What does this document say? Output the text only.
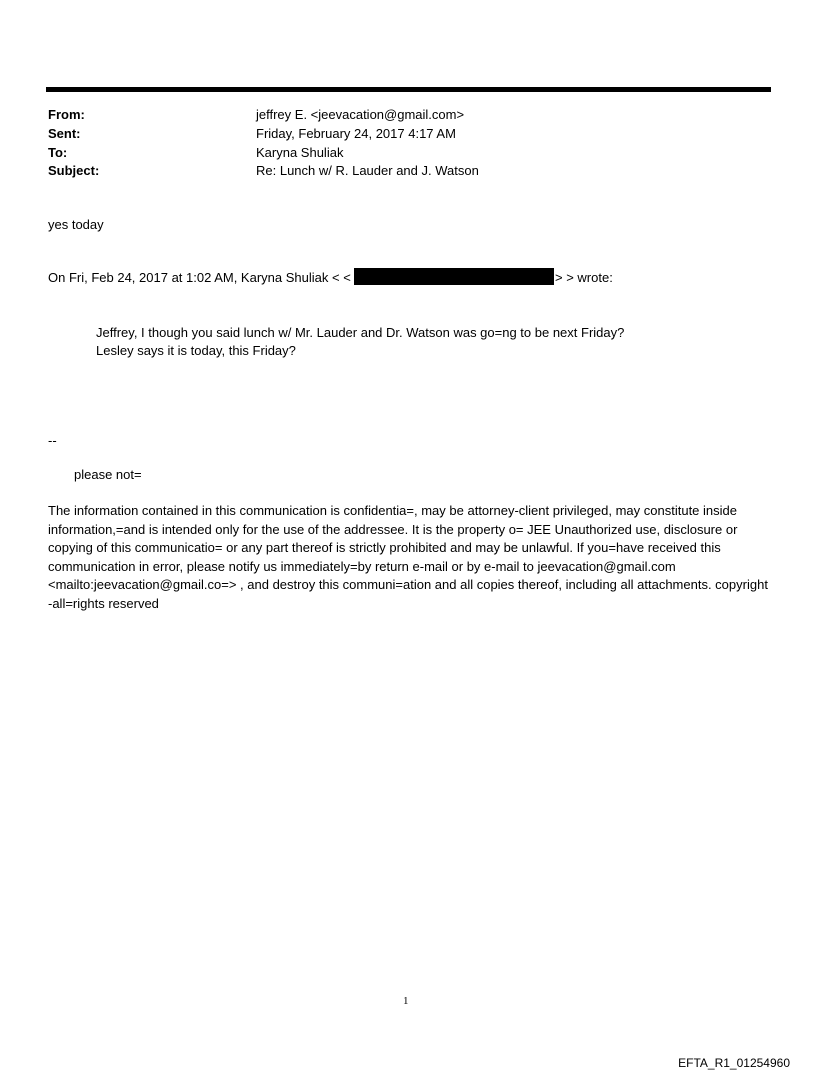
From:	jeffrey E. <jeevacation@gmail.com>
Sent:	Friday, February 24, 2017 4:17 AM
To:	Karyna Shuliak
Subject:	Re: Lunch w/ R. Lauder and J. Watson
yes today
On Fri, Feb 24, 2017 at 1:02 AM, Karyna Shuliak < <	> > wrote:
Jeffrey, I though you said lunch w/ Mr. Lauder and Dr. Watson was go=ng to be next Friday?
Lesley says it is today, this Friday?
--
please not=
The information contained in this communication is confidentia=, may be attorney-client privileged, may constitute inside information,=and is intended only for the use of the addressee. It is the property o= JEE Unauthorized use, disclosure or copying of this communicatio= or any part thereof is strictly prohibited and may be unlawful. If you=have received this communication in error, please notify us immediately=by return e-mail or by e-mail to jeevacation@gmail.com <mailto:jeevacation@gmail.co=> , and destroy this communi=ation and all copies thereof, including all attachments. copyright -all=rights reserved
1
EFTA_R1_01254960
